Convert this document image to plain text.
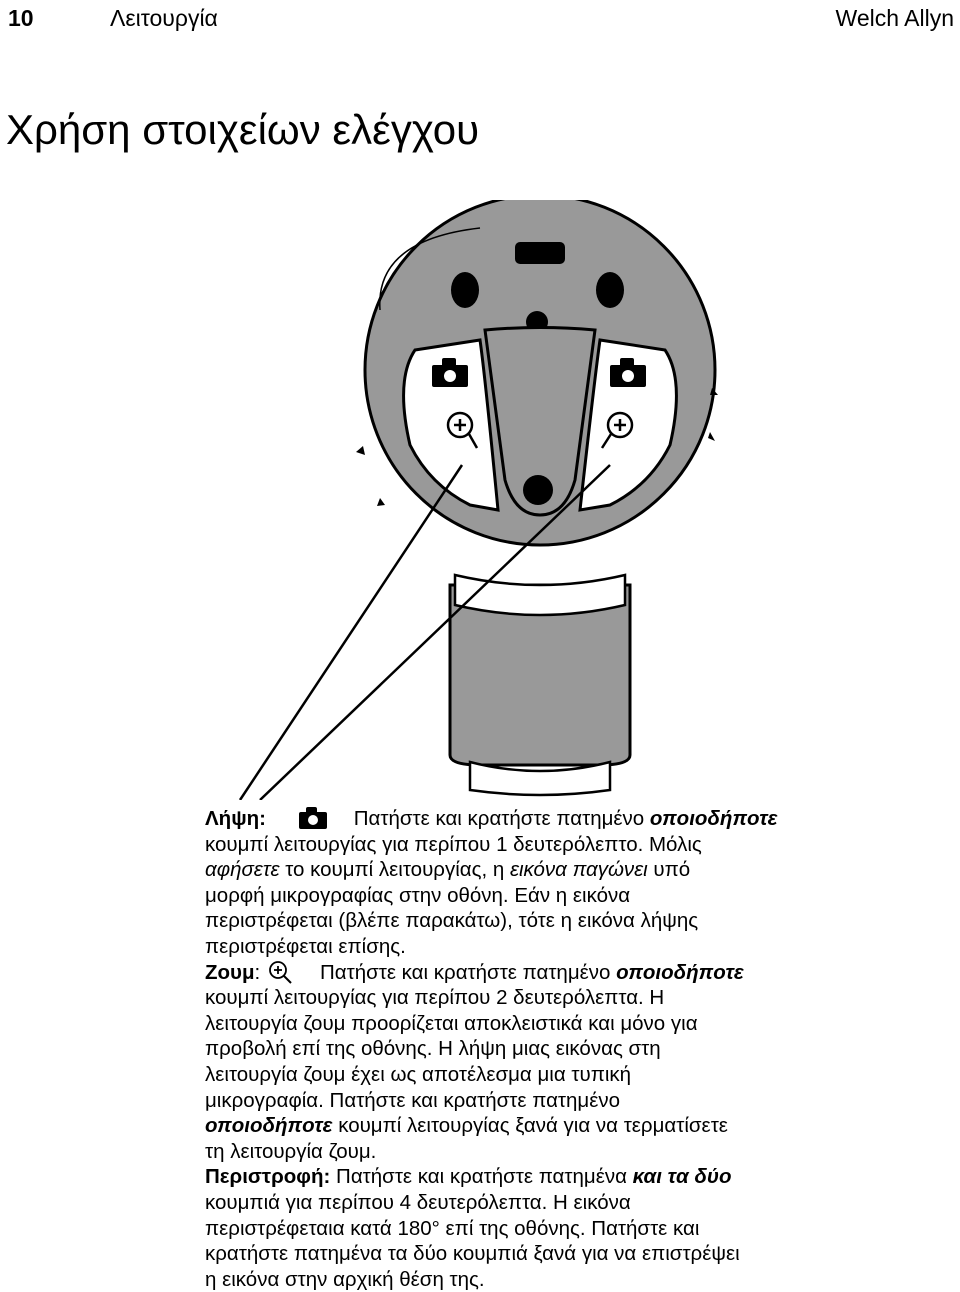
10	Λειτουργία	Welch Allyn
Χρήση στοιχείων ελέγχου
Λήψη:	Πατήστε και κρατήστε πατημένο οποιοδήποτε
κουμπί λειτουργίας για περίπου 1 δευτερόλεπτο. Μόλις
αφήσετε το κουμπί λειτουργίας, η εικόνα παγώνει υπό

μορφή μικρογραφίας στην οθόνη. Εάν η εικόνα
περιστρέφεται (βλέπε παρακάτω), τότε η εικόνα λήψης
περιστρέφεται επίσης.

Ζουμ:	Πατήστε και κρατήστε πατημένο οποιοδήποτε

κουμπί λειτουργίας για περίπου 2 δευτερόλεπτα. Η
λειτουργία ζουμ προορίζεται αποκλειστικά και μόνο για
προβολή επί της οθόνης. Η λήψη μιας εικόνας στη
λειτουργία ζουμ έχει ως αποτέλεσμα μια τυπική
μικρογραφία. Πατήστε και κρατήστε πατημένο

οποιοδήποτε κουμπί λειτουργίας ξανά για να τερματίσετε
τη λειτουργία ζουμ.
Περιστροφή: Πατήστε και κρατήστε πατημένα και τα δύο

κουμπιά για περίπου 4 δευτερόλεπτα. Η εικόνα
περιστρέφεταια κατά 180° επί της οθόνης. Πατήστε και
κρατήστε πατημένα τα δύο κουμπιά ξανά για να επιστρέψει
η εικόνα στην αρχική θέση της.
